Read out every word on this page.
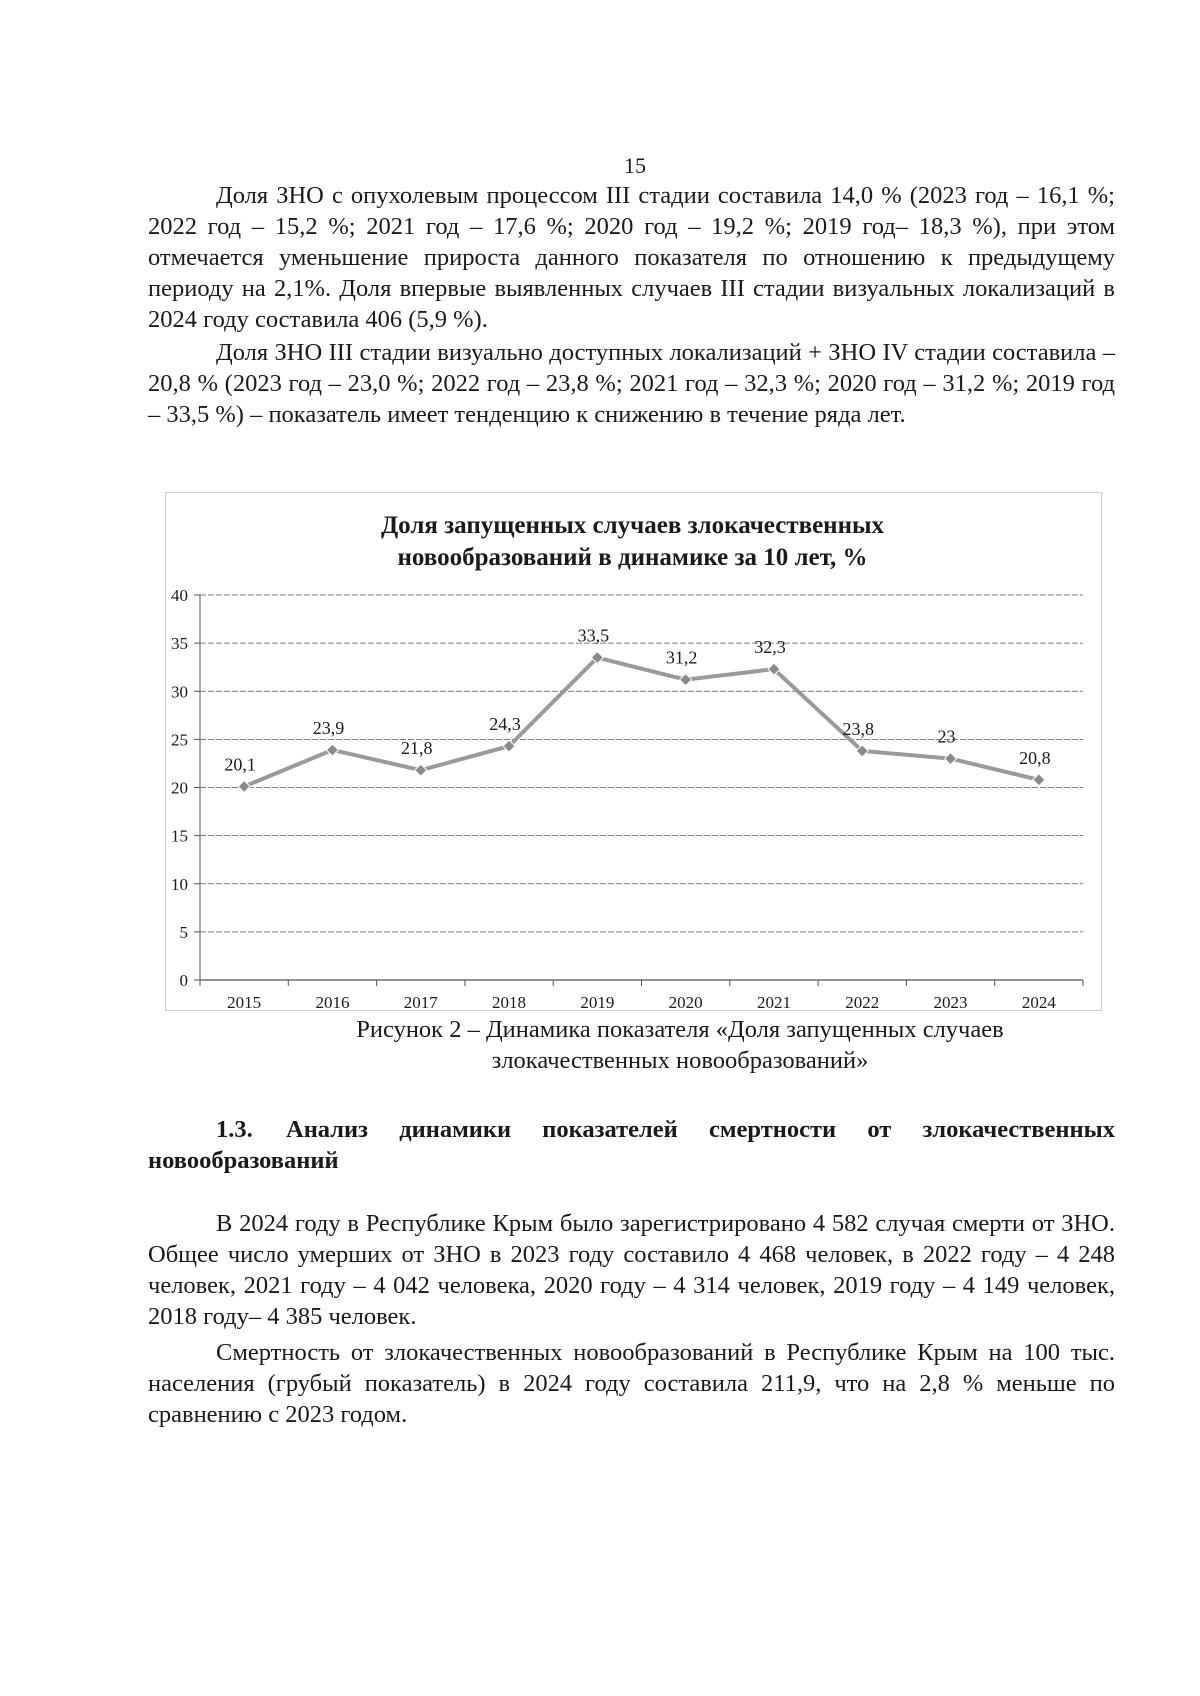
15

Доля ЗНО с опухолевым процессом III стадии составила 14,0 % (2023 год – 16,1 %; 2022 год – 15,2 %; 2021 год – 17,6 %; 2020 год – 19,2 %; 2019 год– 18,3 %), при этом отмечается уменьшение прироста данного показателя по отношению к предыдущему периоду на 2,1%. Доля впервые выявленных случаев III стадии визуальных локализаций в 2024 году составила 406 (5,9 %).

Доля ЗНО III стадии визуально доступных локализаций + ЗНО IV стадии составила – 20,8 % (2023 год – 23,0 %; 2022 год – 23,8 %; 2021 год – 32,3 %; 2020 год – 31,2 %; 2019 год – 33,5 %) – показатель имеет тенденцию к снижению в течение ряда лет.

Доля запущенных случаев злокачественных
новообразований в динамике за 10 лет, %
0
5
10
15
20
25
30
35
40
2015	2016	2017	2018	2019	2020	2021	2022	2023	2024
20,1
23,9
21,8
24,3
33,5
31,2
32,3
23,8	23
20,8
Рисунок 2 – Динамика показателя «Доля запущенных случаев
злокачественных новообразований»

1.3. Анализ динамики показателей смертности от злокачественных новообразований

В 2024 году в Республике Крым было зарегистрировано 4 582 случая смерти от ЗНО. Общее число умерших от ЗНО в 2023 году составило 4 468 человек, в 2022 году – 4 248 человек, 2021 году – 4 042 человека, 2020 году – 4 314 человек, 2019 году – 4 149 человек, 2018 году– 4 385 человек.

Смертность от злокачественных новообразований в Республике Крым на 100 тыс. населения (грубый показатель) в 2024 году составила 211,9, что на 2,8 % меньше по сравнению с 2023 годом.
